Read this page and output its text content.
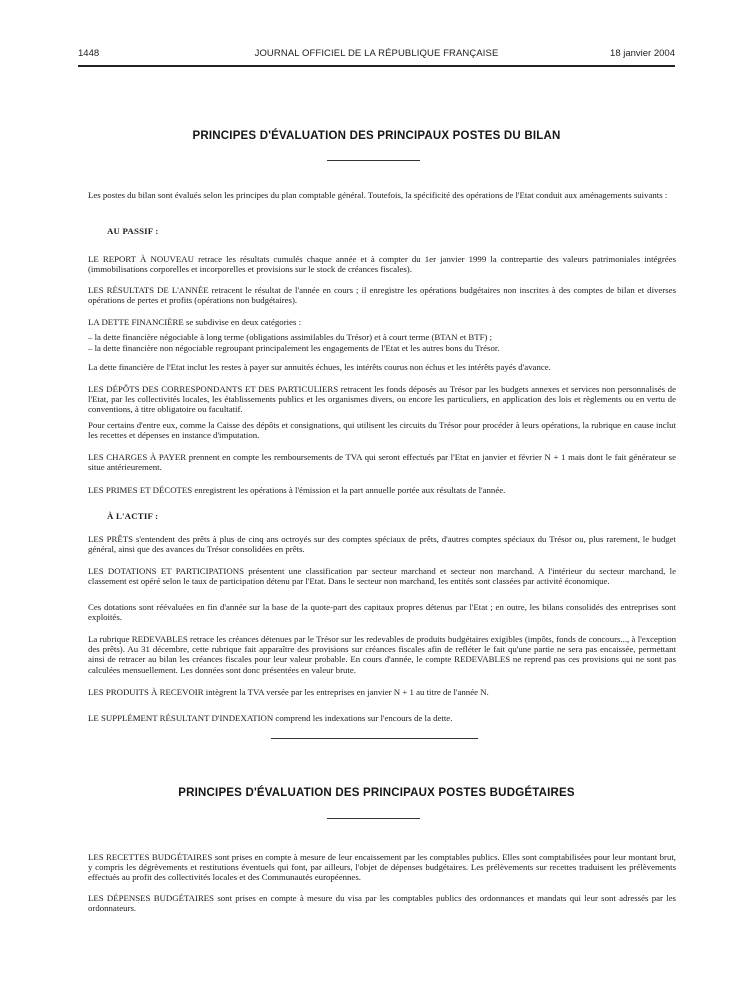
1448	JOURNAL OFFICIEL DE LA RÉPUBLIQUE FRANÇAISE	18 janvier 2004
PRINCIPES D'ÉVALUATION DES PRINCIPAUX POSTES DU BILAN

Les postes du bilan sont évalués selon les principes du plan comptable général. Toutefois, la spécificité des opérations de l'Etat conduit aux aménagements suivants :

AU PASSIF :

LE REPORT À NOUVEAU retrace les résultats cumulés chaque année et à compter du 1er janvier 1999 la contrepartie des valeurs patrimoniales intégrées (immobilisations corporelles et incorporelles et provisions sur le stock de créances fiscales).

LES RÉSULTATS DE L'ANNÉE retracent le résultat de l'année en cours ; il enregistre les opérations budgétaires non inscrites à des comptes de bilan et diverses opérations de pertes et profits (opérations non budgétaires).

LA DETTE FINANCIÈRE se subdivise en deux catégories :

– la dette financière négociable à long terme (obligations assimilables du Trésor) et à court terme (BTAN et BTF) ;
– la dette financière non négociable regroupant principalement les engagements de l'Etat et les autres bons du Trésor.

La dette financière de l'Etat inclut les restes à payer sur annuités échues, les intérêts courus non échus et les intérêts payés d'avance.

LES DÉPÔTS DES CORRESPONDANTS ET DES PARTICULIERS retracent les fonds déposés au Trésor par les budgets annexes et services non personnalisés de l'Etat, par les collectivités locales, les établissements publics et les organismes divers, ou encore les particuliers, en application des lois et règlements ou en vertu de conventions, à titre obligatoire ou facultatif.

Pour certains d'entre eux, comme la Caisse des dépôts et consignations, qui utilisent les circuits du Trésor pour procéder à leurs opérations, la rubrique en cause inclut les recettes et dépenses en instance d'imputation.

LES CHARGES À PAYER prennent en compte les remboursements de TVA qui seront effectués par l'Etat en janvier et février N + 1 mais dont le fait générateur se situe antérieurement.

LES PRIMES ET DÉCOTES enregistrent les opérations à l'émission et la part annuelle portée aux résultats de l'année.

À L'ACTIF :

LES PRÊTS s'entendent des prêts à plus de cinq ans octroyés sur des comptes spéciaux de prêts, d'autres comptes spéciaux du Trésor ou, plus rarement, le budget général, ainsi que des avances du Trésor consolidées en prêts.

LES DOTATIONS ET PARTICIPATIONS présentent une classification par secteur marchand et secteur non marchand. A l'intérieur du secteur marchand, le classement est opéré selon le taux de participation détenu par l'Etat. Dans le secteur non marchand, les entités sont classées par activité économique.

Ces dotations sont réévaluées en fin d'année sur la base de la quote-part des capitaux propres détenus par l'Etat ; en outre, les bilans consolidés des entreprises sont exploités.

La rubrique REDEVABLES retrace les créances détenues par le Trésor sur les redevables de produits budgétaires exigibles (impôts, fonds de concours..., à l'exception des prêts). Au 31 décembre, cette rubrique fait apparaître des provisions sur créances fiscales afin de refléter le fait qu'une partie ne sera pas encaissée, permettant ainsi de retracer au bilan les créances fiscales pour leur valeur probable. En cours d'année, le compte REDEVABLES ne reprend pas ces provisions qui ne sont pas calculées mensuellement. Les données sont donc présentées en valeur brute.

LES PRODUITS À RECEVOIR intègrent la TVA versée par les entreprises en janvier N + 1 au titre de l'année N.

LE SUPPLÉMENT RÉSULTANT D'INDEXATION comprend les indexations sur l'encours de la dette.

PRINCIPES D'ÉVALUATION DES PRINCIPAUX POSTES BUDGÉTAIRES

LES RECETTES BUDGÉTAIRES sont prises en compte à mesure de leur encaissement par les comptables publics. Elles sont comptabilisées pour leur montant brut, y compris les dégrèvements et restitutions éventuels qui font, par ailleurs, l'objet de dépenses budgétaires. Les prélèvements sur recettes traduisent les prélèvements effectués au profit des collectivités locales et des Communautés européennes.

LES DÉPENSES BUDGÉTAIRES sont prises en compte à mesure du visa par les comptables publics des ordonnances et mandats qui leur sont adressés par les ordonnateurs.
